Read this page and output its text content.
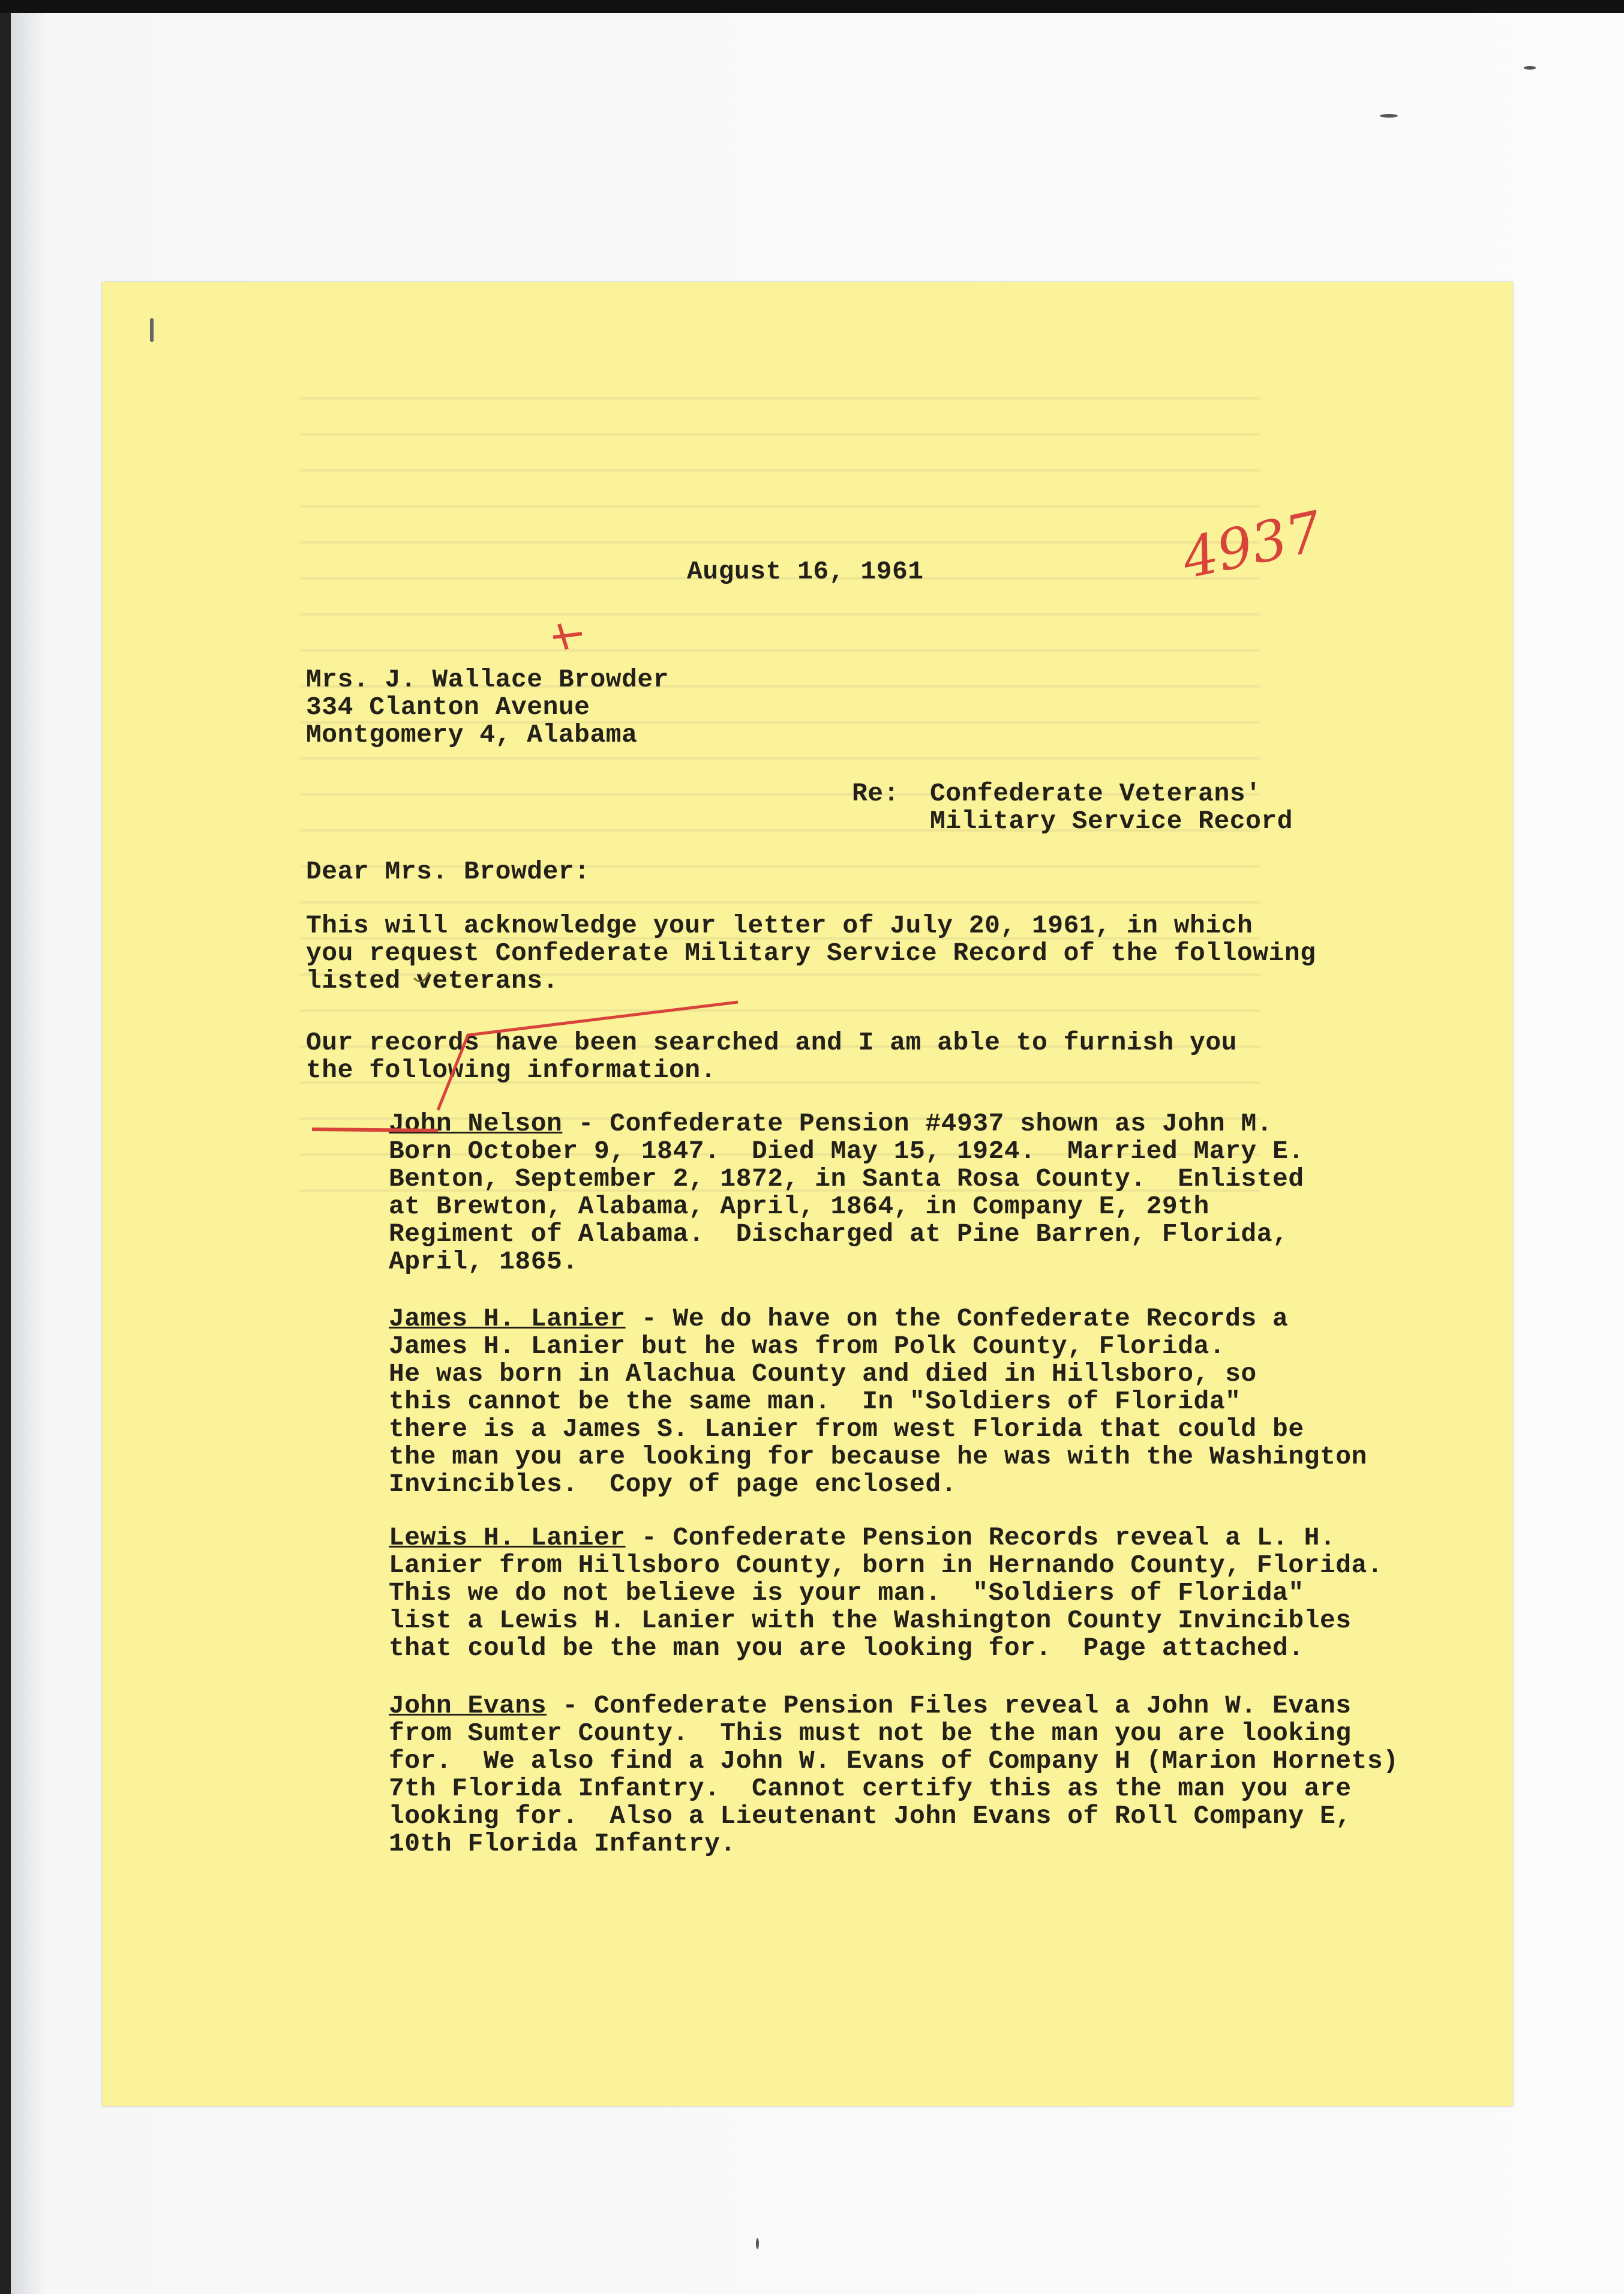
August 16, 1961
Mrs. J. Wallace Browder
334 Clanton Avenue
Montgomery 4, Alabama
Re: Confederate Veterans'
Military Service Record
Dear Mrs. Browder:
This will acknowledge your letter of July 20, 1961, in which
you request Confederate Military Service Record of the following
listed veterans.
Our records have been searched and I am able to furnish you
the following information.
John Nelson - Confederate Pension #4937 shown as John M.
Born October 9, 1847.  Died May 15, 1924.  Married Mary E.
Benton, September 2, 1872, in Santa Rosa County.  Enlisted
at Brewton, Alabama, April, 1864, in Company E, 29th
Regiment of Alabama.  Discharged at Pine Barren, Florida,
April, 1865.
James H. Lanier - We do have on the Confederate Records a
James H. Lanier but he was from Polk County, Florida.
He was born in Alachua County and died in Hillsboro, so
this cannot be the same man.  In "Soldiers of Florida"
there is a James S. Lanier from west Florida that could be
the man you are looking for because he was with the Washington
Invincibles.  Copy of page enclosed.
Lewis H. Lanier - Confederate Pension Records reveal a L. H.
Lanier from Hillsboro County, born in Hernando County, Florida.
This we do not believe is your man.  "Soldiers of Florida"
list a Lewis H. Lanier with the Washington County Invincibles
that could be the man you are looking for.  Page attached.
John Evans - Confederate Pension Files reveal a John W. Evans
from Sumter County.  This must not be the man you are looking
for.  We also find a John W. Evans of Company H (Marion Hornets)
7th Florida Infantry.  Cannot certify this as the man you are
looking for.  Also a Lieutenant John Evans of Roll Company E,
10th Florida Infantry.
4937
